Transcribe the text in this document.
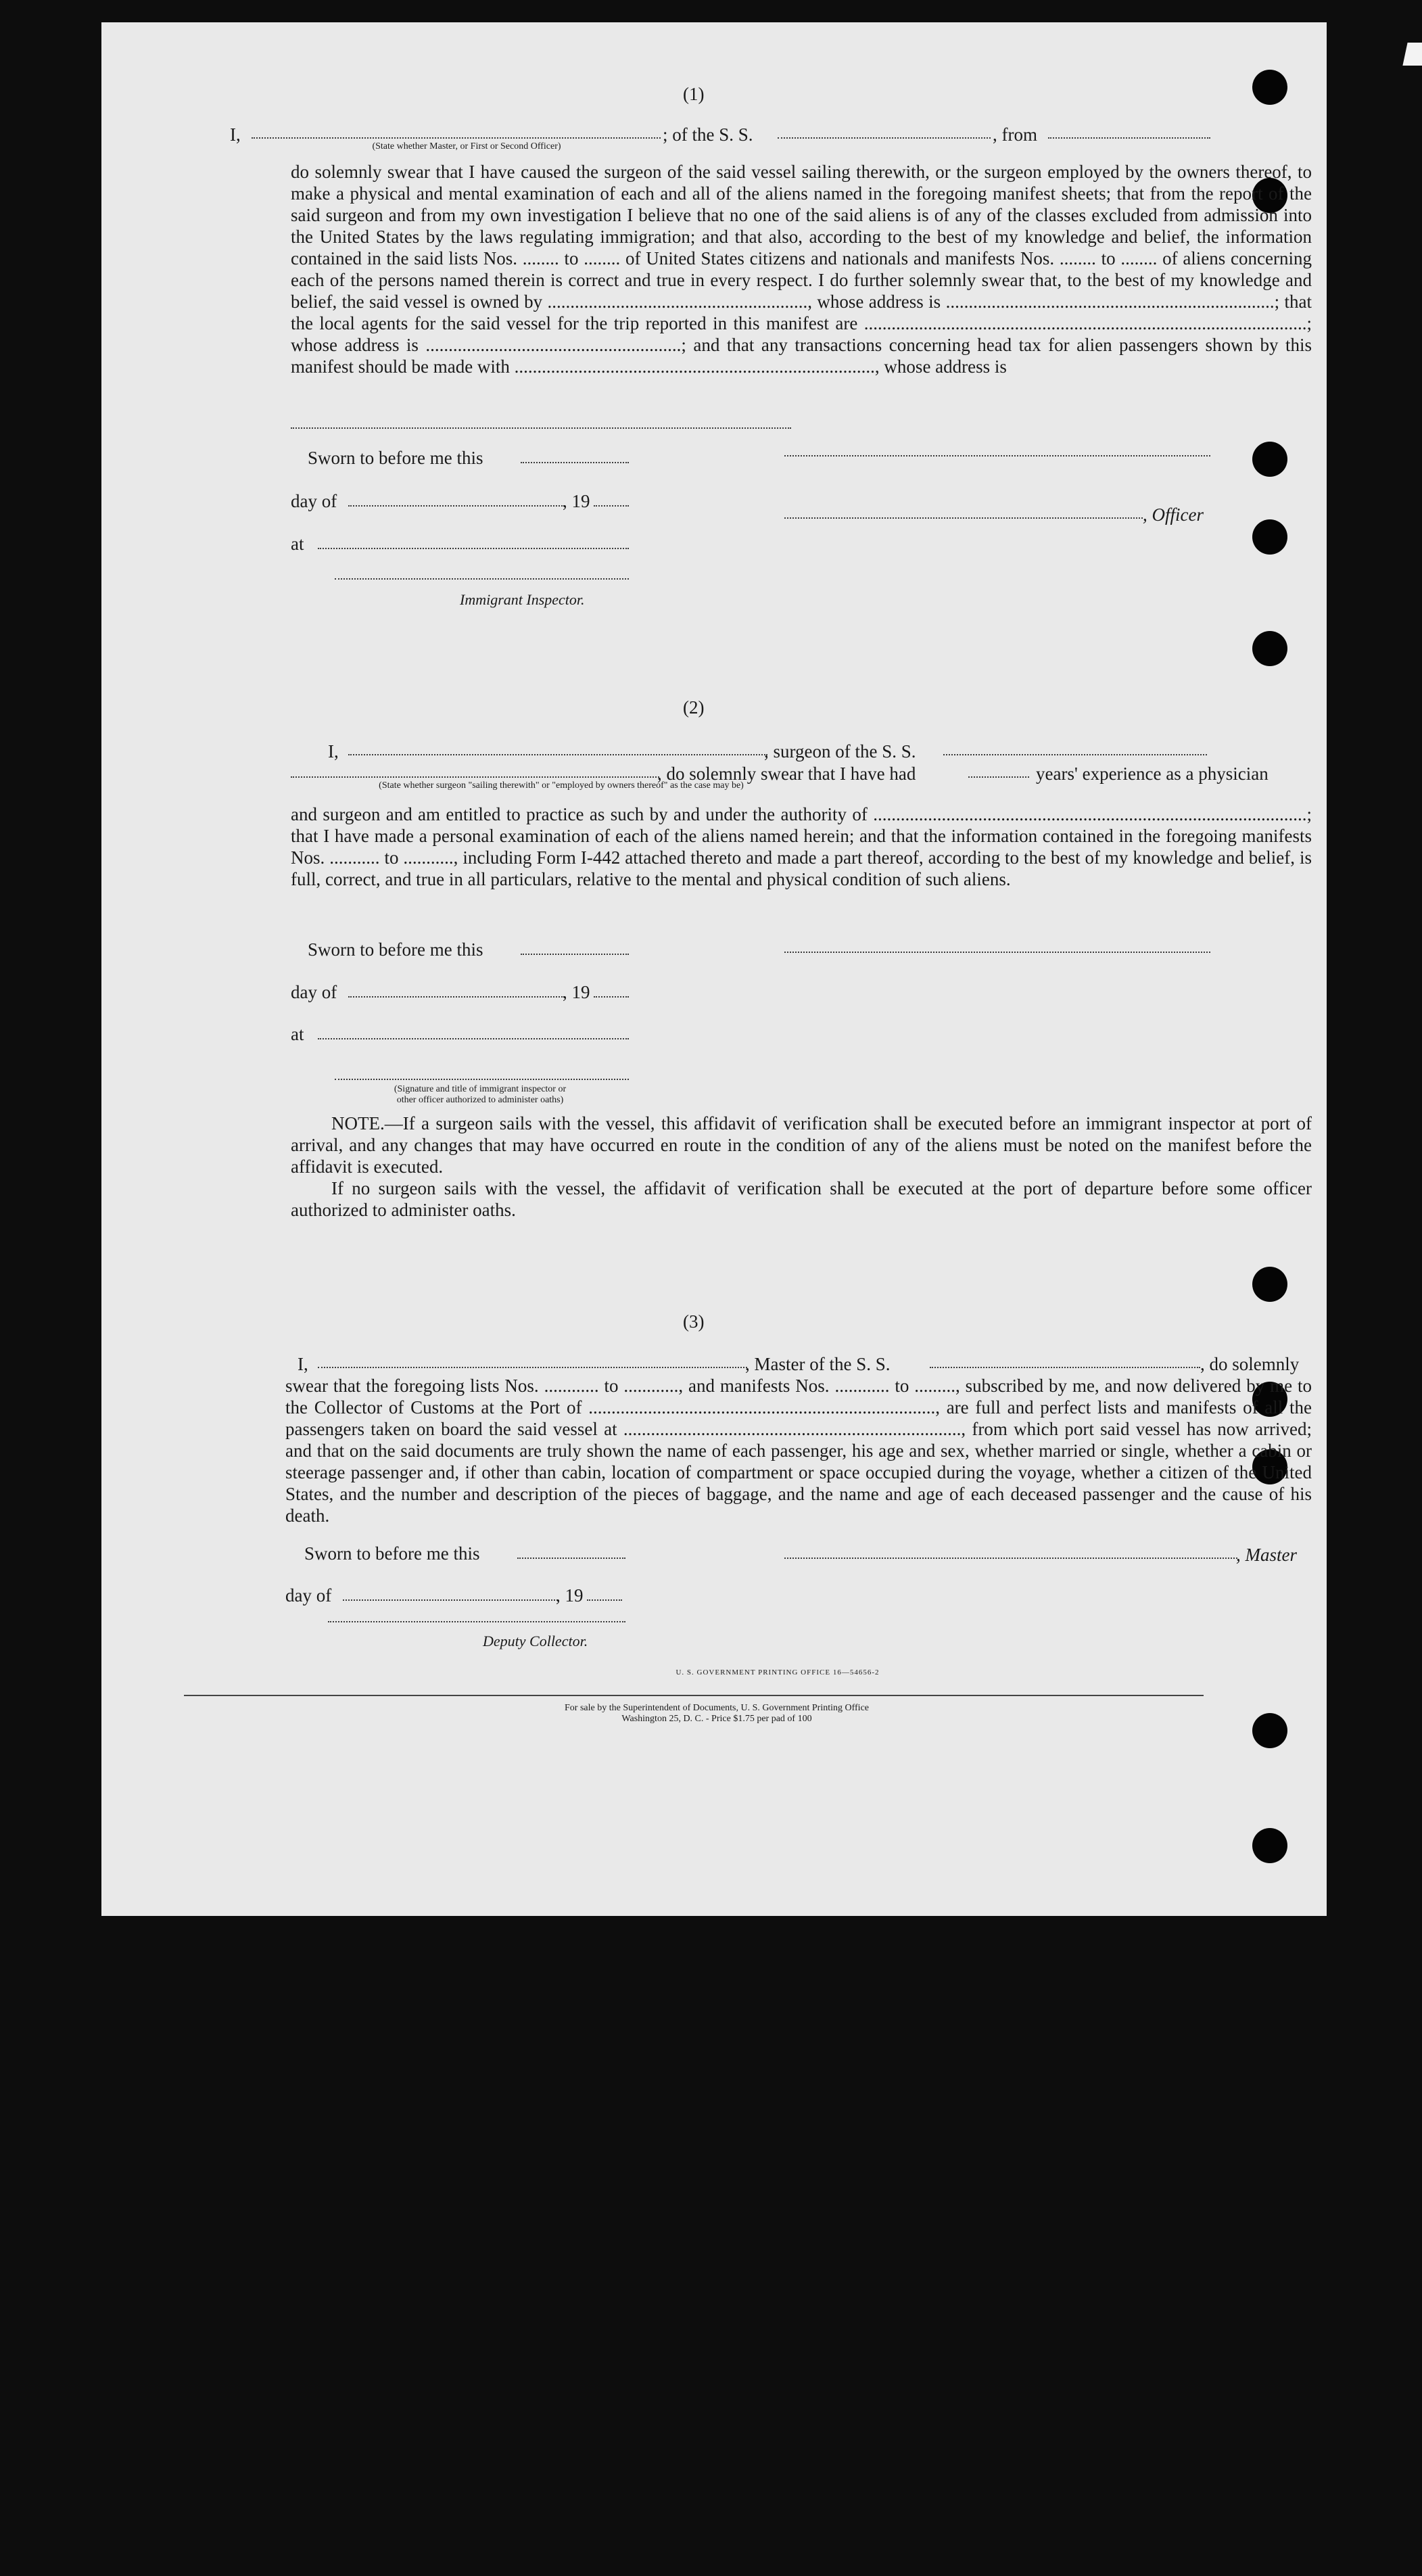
(1)
I,	; of the S. S.	, from
(State whether Master, or First or Second Officer)
do solemnly swear that I have caused the surgeon of the said vessel sailing therewith, or the surgeon employed by the owners thereof, to make a physical and mental examination of each and all of the aliens named in the foregoing manifest sheets; that from the report of the said surgeon and from my own investigation I believe that no one of the said aliens is of any of the classes excluded from admission into the United States by the laws regulating immigration; and that also, according to the best of my knowledge and belief, the information contained in the said lists Nos. ........ to ........ of United States citizens and nationals and manifests Nos. ........ to ........ of aliens concerning each of the persons named therein is correct and true in every respect. I do further solemnly swear that, to the best of my knowledge and belief, the said vessel is owned by ........................................................., whose address is ........................................................................; that the local agents for the said vessel for the trip reported in this manifest are .................................................................................................; whose address is ........................................................; and that any transactions concerning head tax for alien passengers shown by this manifest should be made with ..............................................................................., whose address is
Sworn to before me this
day of	, 19
, Officer
at
Immigrant Inspector.
(2)
I,	, surgeon of the S. S.
, do solemnly swear that I have had	years' experience as a physician
(State whether surgeon "sailing therewith" or "employed by owners thereof" as the case may be)
and surgeon and am entitled to practice as such by and under the authority of ...............................................................................................; that I have made a personal examination of each of the aliens named herein; and that the information contained in the foregoing manifests Nos. ........... to ..........., including Form I-442 attached thereto and made a part thereof, according to the best of my knowledge and belief, is full, correct, and true in all particulars, relative to the mental and physical condition of such aliens.
Sworn to before me this
day of	, 19
at
(Signature and title of immigrant inspector or
other officer authorized to administer oaths)
NOTE.—If a surgeon sails with the vessel, this affidavit of verification shall be executed before an immigrant inspector at port of arrival, and any changes that may have occurred en route in the condition of any of the aliens must be noted on the manifest before the affidavit is executed.
If no surgeon sails with the vessel, the affidavit of verification shall be executed at the port of departure before some officer authorized to administer oaths.
(3)
I,	, Master of the S. S.	, do solemnly
swear that the foregoing lists Nos. ............ to ............, and manifests Nos. ............ to ........., subscribed by me, and now delivered by me to the Collector of Customs at the Port of ............................................................................, are full and perfect lists and manifests of all the passengers taken on board the said vessel at .........................................................................., from which port said vessel has now arrived; and that on the said documents are truly shown the name of each passenger, his age and sex, whether married or single, whether a cabin or steerage passenger and, if other than cabin, location of compartment or space occupied during the voyage, whether a citizen of the United States, and the number and description of the pieces of baggage, and the name and age of each deceased passenger and the cause of his death.
Sworn to before me this	, Master
day of	, 19
Deputy Collector.
U. S. GOVERNMENT PRINTING OFFICE 16—54656-2
For sale by the Superintendent of Documents, U. S. Government Printing Office
Washington 25, D. C. - Price $1.75 per pad of 100
